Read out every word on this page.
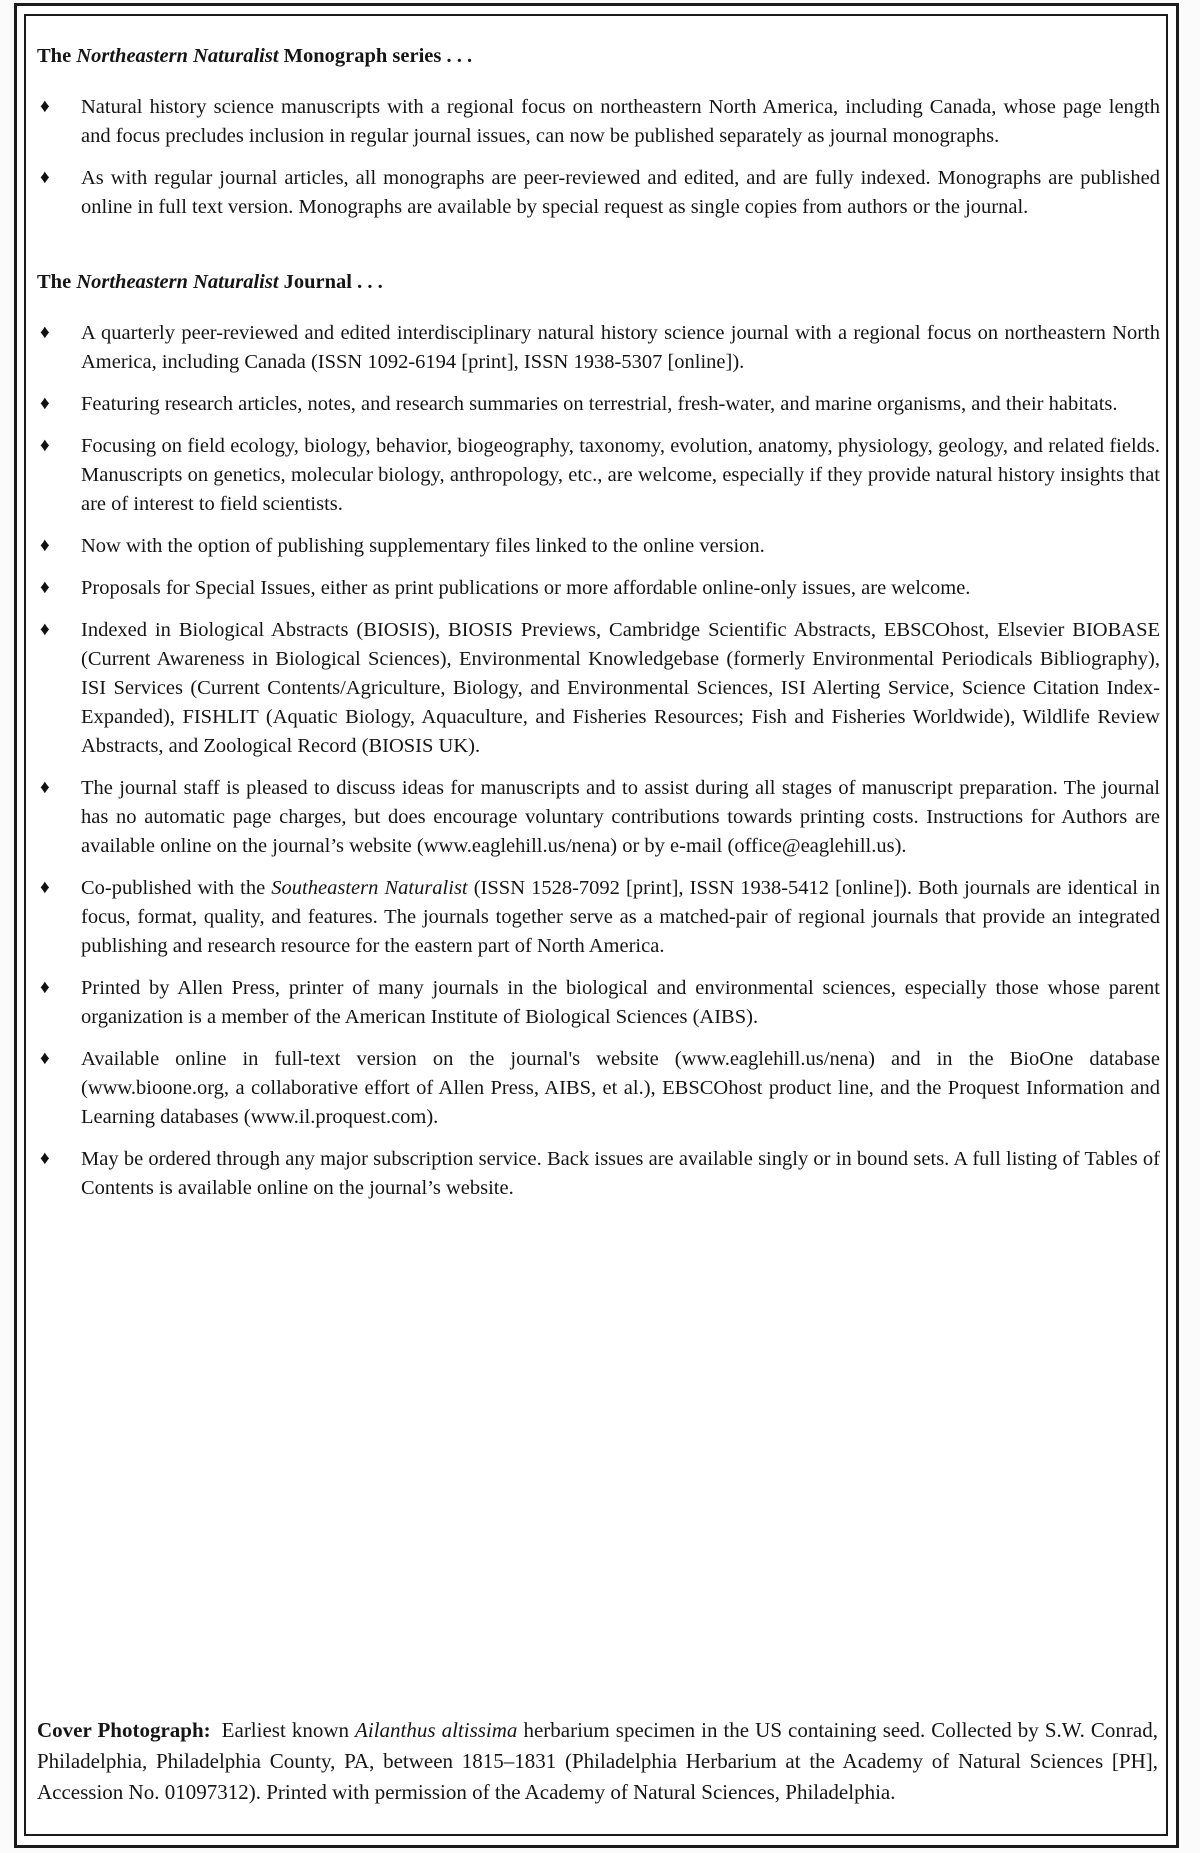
The Northeastern Naturalist Monograph series . . .
♦ Natural history science manuscripts with a regional focus on northeastern North America, including Canada, whose page length and focus precludes inclusion in regular journal issues, can now be published separately as journal monographs.
♦ As with regular journal articles, all monographs are peer-reviewed and edited, and are fully indexed. Monographs are published online in full text version. Monographs are available by special request as single copies from authors or the journal.
The Northeastern Naturalist Journal . . .
♦ A quarterly peer-reviewed and edited interdisciplinary natural history science journal with a regional focus on northeastern North America, including Canada (ISSN 1092-6194 [print], ISSN 1938-5307 [online]).
♦ Featuring research articles, notes, and research summaries on terrestrial, fresh-water, and marine organisms, and their habitats.
♦ Focusing on field ecology, biology, behavior, biogeography, taxonomy, evolution, anatomy, physiology, geology, and related fields. Manuscripts on genetics, molecular biology, anthropology, etc., are welcome, especially if they provide natural history insights that are of interest to field scientists.
♦ Now with the option of publishing supplementary files linked to the online version.
♦ Proposals for Special Issues, either as print publications or more affordable online-only issues, are welcome.
♦ Indexed in Biological Abstracts (BIOSIS), BIOSIS Previews, Cambridge Scientific Abstracts, EBSCOhost, Elsevier BIOBASE (Current Awareness in Biological Sciences), Environmental Knowledgebase (formerly Environmental Periodicals Bibliography), ISI Services (Current Contents/Agriculture, Biology, and Environmental Sciences, ISI Alerting Service, Science Citation Index-Expanded), FISHLIT (Aquatic Biology, Aquaculture, and Fisheries Resources; Fish and Fisheries Worldwide), Wildlife Review Abstracts, and Zoological Record (BIOSIS UK).
♦ The journal staff is pleased to discuss ideas for manuscripts and to assist during all stages of manuscript preparation. The journal has no automatic page charges, but does encourage voluntary contributions towards printing costs. Instructions for Authors are available online on the journal’s website (www.eaglehill.us/nena) or by e-mail (office@eaglehill.us).
♦ Co-published with the Southeastern Naturalist (ISSN 1528-7092 [print], ISSN 1938-5412 [online]). Both journals are identical in focus, format, quality, and features. The journals together serve as a matched-pair of regional journals that provide an integrated publishing and research resource for the eastern part of North America.
♦ Printed by Allen Press, printer of many journals in the biological and environmental sciences, especially those whose parent organization is a member of the American Institute of Biological Sciences (AIBS).
♦ Available online in full-text version on the journal's website (www.eaglehill.us/nena) and in the BioOne database (www.bioone.org, a collaborative effort of Allen Press, AIBS, et al.), EBSCOhost product line, and the Proquest Information and Learning databases (www.il.proquest.com).
♦ May be ordered through any major subscription service. Back issues are available singly or in bound sets. A full listing of Tables of Contents is available online on the journal’s website.
Cover Photograph: Earliest known Ailanthus altissima herbarium specimen in the US containing seed. Collected by S.W. Conrad, Philadelphia, Philadelphia County, PA, between 1815–1831 (Philadelphia Herbarium at the Academy of Natural Sciences [PH], Accession No. 01097312). Printed with permission of the Academy of Natural Sciences, Philadelphia.
